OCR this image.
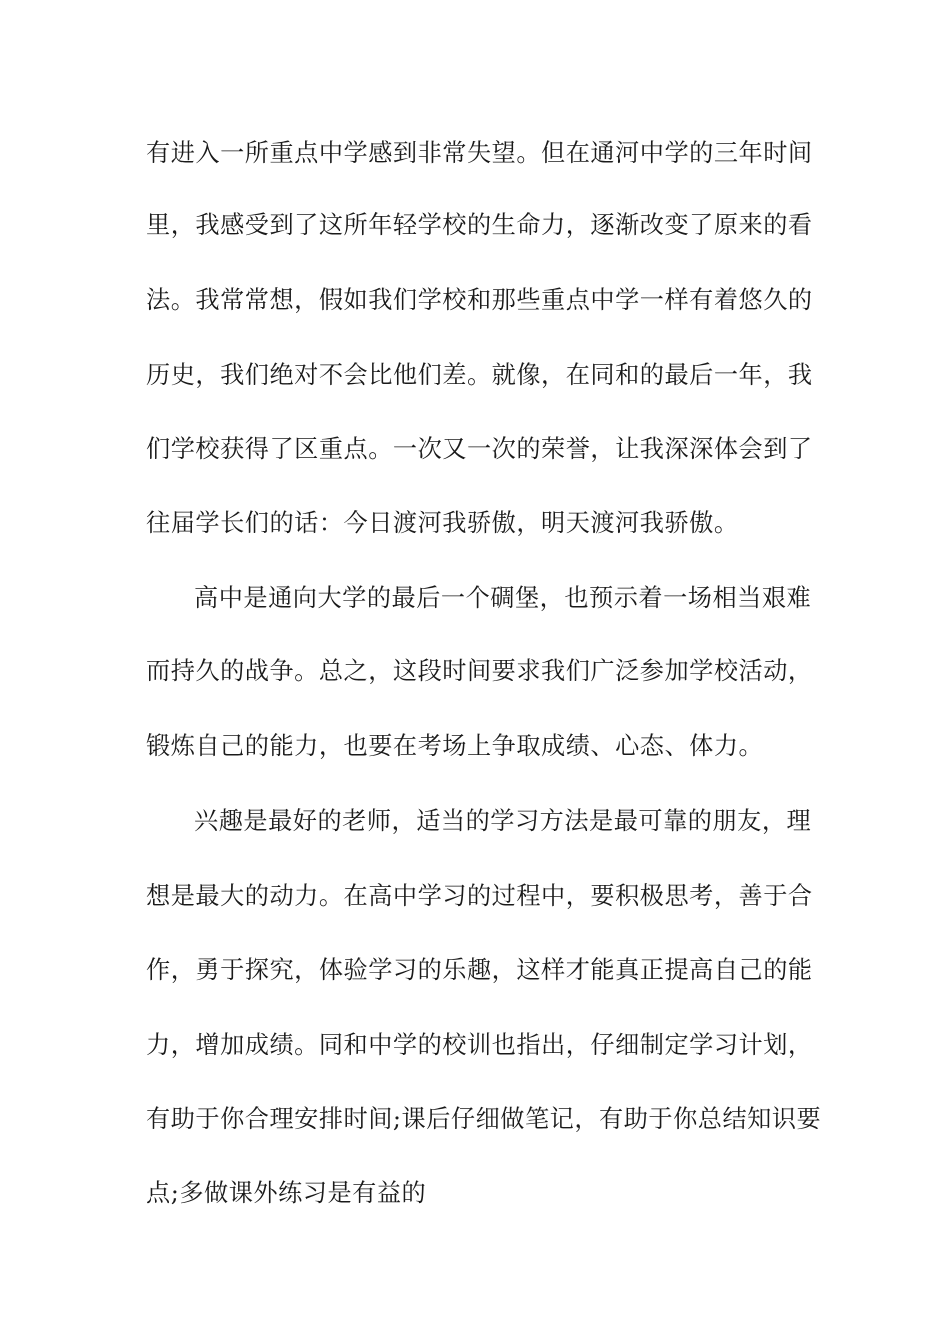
有进入一所重点中学感到非常失望。但在通河中学的三年时间
里，我感受到了这所年轻学校的生命力，逐渐改变了原来的看
法。我常常想，假如我们学校和那些重点中学一样有着悠久的
历史，我们绝对不会比他们差。就像，在同和的最后一年，我
们学校获得了区重点。一次又一次的荣誉，让我深深体会到了
往届学长们的话：今日渡河我骄傲，明天渡河我骄傲。
高中是通向大学的最后一个碉堡，也预示着一场相当艰难
而持久的战争。总之，这段时间要求我们广泛参加学校活动，
锻炼自己的能力，也要在考场上争取成绩、心态、体力。
兴趣是最好的老师，适当的学习方法是最可靠的朋友，理
想是最大的动力。在高中学习的过程中，要积极思考，善于合
作，勇于探究，体验学习的乐趣，这样才能真正提高自己的能
力，增加成绩。同和中学的校训也指出，仔细制定学习计划，
有助于你合理安排时间;课后仔细做笔记，有助于你总结知识要
点;多做课外练习是有益的
